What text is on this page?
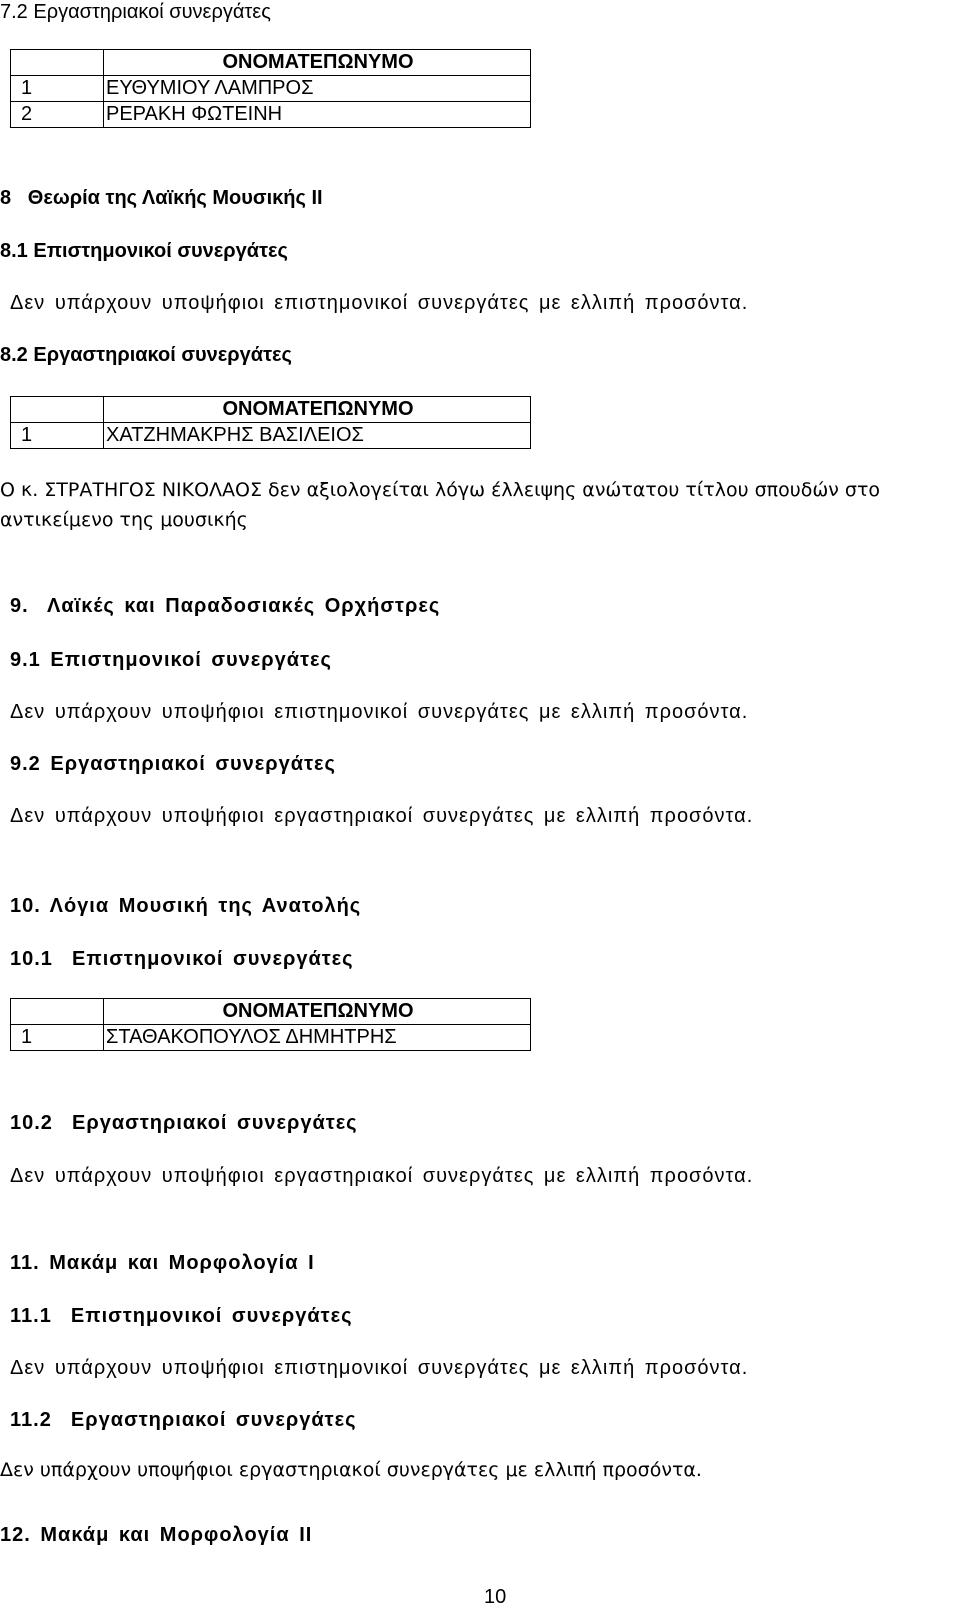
7.2 Εργαστηριακοί συνεργάτες
	ΟΝΟΜΑΤΕΠΩΝΥΜΟ
1	ΕΥΘΥΜΙΟΥ ΛΑΜΠΡΟΣ
2	ΡΕΡΑΚΗ ΦΩΤΕΙΝΗ
8   Θεωρία της Λαϊκής Μουσικής ΙΙ
8.1 Επιστημονικοί συνεργάτες
Δεν υπάρχουν υποψήφιοι επιστημονικοί συνεργάτες με ελλιπή προσόντα.
8.2 Εργαστηριακοί συνεργάτες
	ΟΝΟΜΑΤΕΠΩΝΥΜΟ
1	ΧΑΤΖΗΜΑΚΡΗΣ ΒΑΣΙΛΕΙΟΣ
Ο κ. ΣΤΡΑΤΗΓΟΣ ΝΙΚΟΛΑΟΣ δεν αξιολογείται λόγω έλλειψης ανώτατου τίτλου σπουδών στο
αντικείμενο της μουσικής
9.  Λαϊκές και Παραδοσιακές Ορχήστρες
9.1 Επιστημονικοί συνεργάτες
Δεν υπάρχουν υποψήφιοι επιστημονικοί συνεργάτες με ελλιπή προσόντα.
9.2 Εργαστηριακοί συνεργάτες
Δεν υπάρχουν υποψήφιοι εργαστηριακοί συνεργάτες με ελλιπή προσόντα.
10. Λόγια Μουσική της Ανατολής
10.1  Επιστημονικοί συνεργάτες
	ΟΝΟΜΑΤΕΠΩΝΥΜΟ
1	ΣΤΑΘΑΚΟΠΟΥΛΟΣ ΔΗΜΗΤΡΗΣ
10.2  Εργαστηριακοί συνεργάτες
Δεν υπάρχουν υποψήφιοι εργαστηριακοί συνεργάτες με ελλιπή προσόντα.
11. Μακάμ και Μορφολογία Ι
11.1  Επιστημονικοί συνεργάτες
Δεν υπάρχουν υποψήφιοι επιστημονικοί συνεργάτες με ελλιπή προσόντα.
11.2  Εργαστηριακοί συνεργάτες
Δεν υπάρχουν υποψήφιοι εργαστηριακοί συνεργάτες με ελλιπή προσόντα.
12. Μακάμ και Μορφολογία ΙΙ
10
